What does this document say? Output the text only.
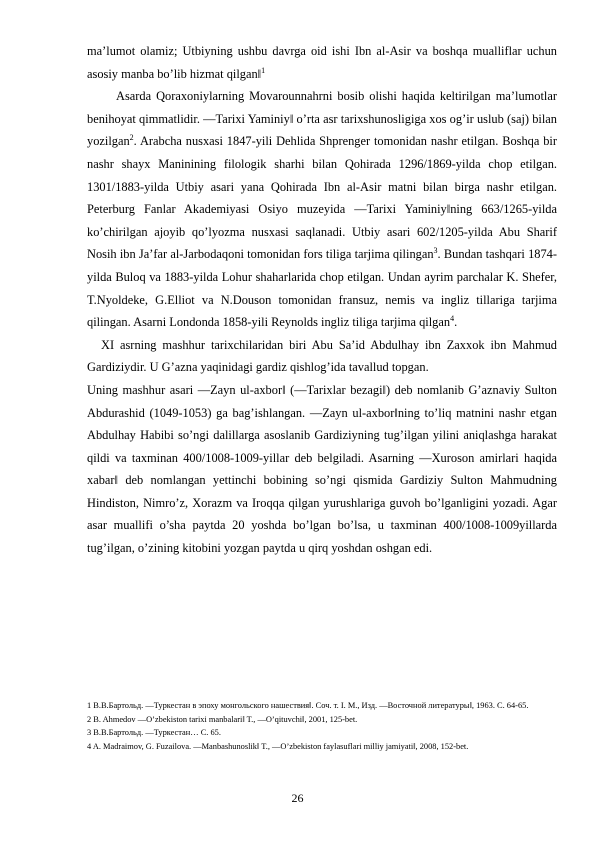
ma’lumot olamiz; Utbiyning ushbu davrga oid ishi Ibn al-Asir va boshqa mualliflar uchun asosiy manba bo’lib hizmat qilgan‖$^1$

Asarda Qoraxoniylarning Movarounnahrni bosib olishi haqida keltirilgan ma’lumotlar benihoyat qimmatlidir. ―Tarixi Yaminiy‖ o’rta asr tarixshunosligiga xos og’ir uslub (saj) bilan yozilgan$^2$. Arabcha nusxasi 1847-yili Dehlida Shprenger tomonidan nashr etilgan. Boshqa bir nashr shayx Maninining filologik sharhi bilan Qohirada 1296/1869-yilda chop etilgan. 1301/1883-yilda Utbiy asari yana Qohirada Ibn al-Asir matni bilan birga nashr etilgan. Peterburg Fanlar Akademiyasi Osiyo muzeyida ―Tarixi Yaminiy‖ning 663/1265-yilda ko’chirilgan ajoyib qo’lyozma nusxasi saqlanadi. Utbiy asari 602/1205-yilda Abu Sharif Nosih ibn Ja’far al-Jarbodaqoni tomonidan fors tiliga tarjima qilingan$^3$. Bundan tashqari 1874-yilda Buloq va 1883-yilda Lohur shaharlarida chop etilgan. Undan ayrim parchalar K. Shefer, T.Nyoldeke, G.Elliot va N.Douson tomonidan fransuz, nemis va ingliz tillariga tarjima qilingan. Asarni Londonda 1858-yili Reynolds ingliz tiliga tarjima qilgan$^4$.

XI asrning mashhur tarixchilaridan biri Abu Sa’id Abdulhay ibn Zaxxok ibn Mahmud Gardiziydir. U G’azna yaqinidagi gardiz qishlog’ida tavallud topgan.

Uning mashhur asari ―Zayn ul-axbor‖ (―Tarixlar bezagi‖) deb nomlanib G’aznaviy Sulton Abdurashid (1049-1053) ga bag’ishlangan. ―Zayn ul-axbor‖ning to’liq matnini nashr etgan Abdulhay Habibi so’ngi dalillarga asoslanib Gardiziyning tug’ilgan yilini aniqlashga harakat qildi va taxminan 400/1008-1009-yillar deb belgiladi. Asarning ―Xuroson amirlari haqida xabar‖ deb nomlangan yettinchi bobining so’ngi qismida Gardiziy Sulton Mahmudning Hindiston, Nimro’z, Xorazm va Iroqqa qilgan yurushlariga guvoh bo’lganligini yozadi. Agar asar muallifi o’sha paytda 20 yoshda bo’lgan bo’lsa, u taxminan 400/1008-1009yillarda tug’ilgan, o’zining kitobini yozgan paytda u qirq yoshdan oshgan edi.

1 В.В.Бартольд. ―Туркестан в эпоху монгольского нашествия‖. Соч. т. I. М., Изд. ―Восточной литературы‖, 1963. С. 64-65.

2 B. Ahmedov ―O’zbekiston tarixi manbalari‖ T., ―O’qituvchi‖, 2001, 125-bet.

3 В.В.Бартольд. ―Туркестан… С. 65.

4 A. Madraimov, G. Fuzailova. ―Manbashunoslik‖ T., ―O’zbekiston faylasuflari milliy jamiyati‖, 2008, 152-bet.

26
